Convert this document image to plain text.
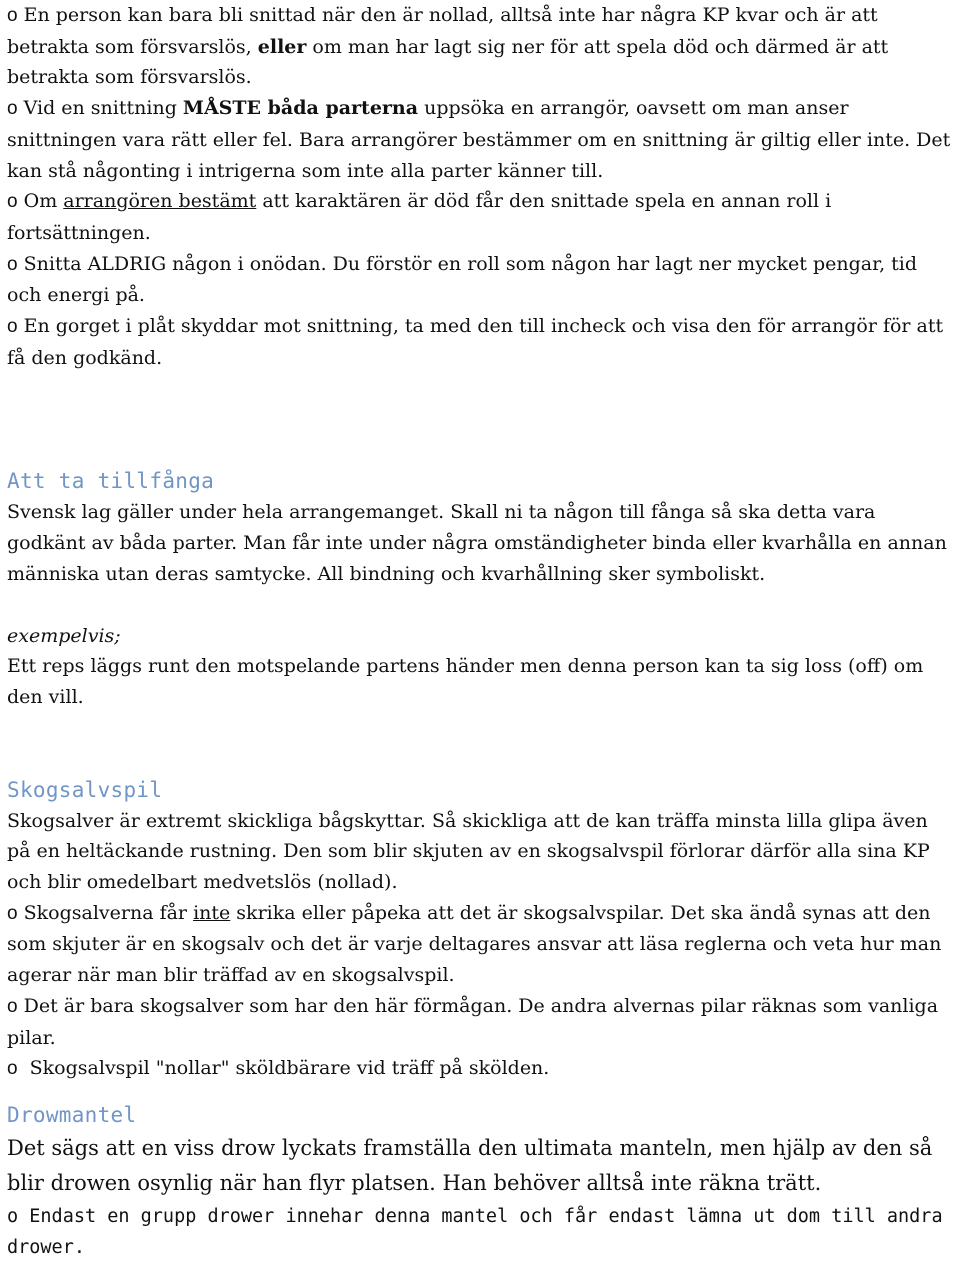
o En person kan bara bli snittad när den är nollad, alltså inte har några KP kvar och är att betrakta som försvarslös, eller om man har lagt sig ner för att spela död och därmed är att betrakta som försvarslös.

o Vid en snittning MÅSTE båda parterna uppsöka en arrangör, oavsett om man anser snittningen vara rätt eller fel. Bara arrangörer bestämmer om en snittning är giltig eller inte. Det kan stå någonting i intrigerna som inte alla parter känner till.

o Om arrangören bestämt att karaktären är död får den snittade spela en annan roll i fortsättningen.

o Snitta ALDRIG någon i onödan. Du förstör en roll som någon har lagt ner mycket pengar, tid och energi på.

o En gorget i plåt skyddar mot snittning, ta med den till incheck och visa den för arrangör för att få den godkänd.

Att ta tillfånga

Svensk lag gäller under hela arrangemanget. Skall ni ta någon till fånga så ska detta vara godkänt av båda parter. Man får inte under några omständigheter binda eller kvarhålla en annan människa utan deras samtycke. All bindning och kvarhållning sker symboliskt.

exempelvis;

Ett reps läggs runt den motspelande partens händer men denna person kan ta sig loss (off) om den vill.

Skogsalvspil

Skogsalver är extremt skickliga bågskyttar. Så skickliga att de kan träffa minsta lilla glipa även på en heltäckande rustning. Den som blir skjuten av en skogsalvspil förlorar därför alla sina KP och blir omedelbart medvetslös (nollad).

o Skogsalverna får inte skrika eller påpeka att det är skogsalvspilar. Det ska ändå synas att den som skjuter är en skogsalv och det är varje deltagares ansvar att läsa reglerna och veta hur man agerar när man blir träffad av en skogsalvspil.

o Det är bara skogsalver som har den här förmågan. De andra alvernas pilar räknas som vanliga pilar.

o  Skogsalvspil "nollar" sköldbärare vid träff på skölden.

Drowmantel

Det sägs att en viss drow lyckats framställa den ultimata manteln, men hjälp av den så blir drowen osynlig när han flyr platsen. Han behöver alltså inte räkna trätt.

o Endast en grupp drower innehar denna mantel och får endast lämna ut dom till andra drower.
